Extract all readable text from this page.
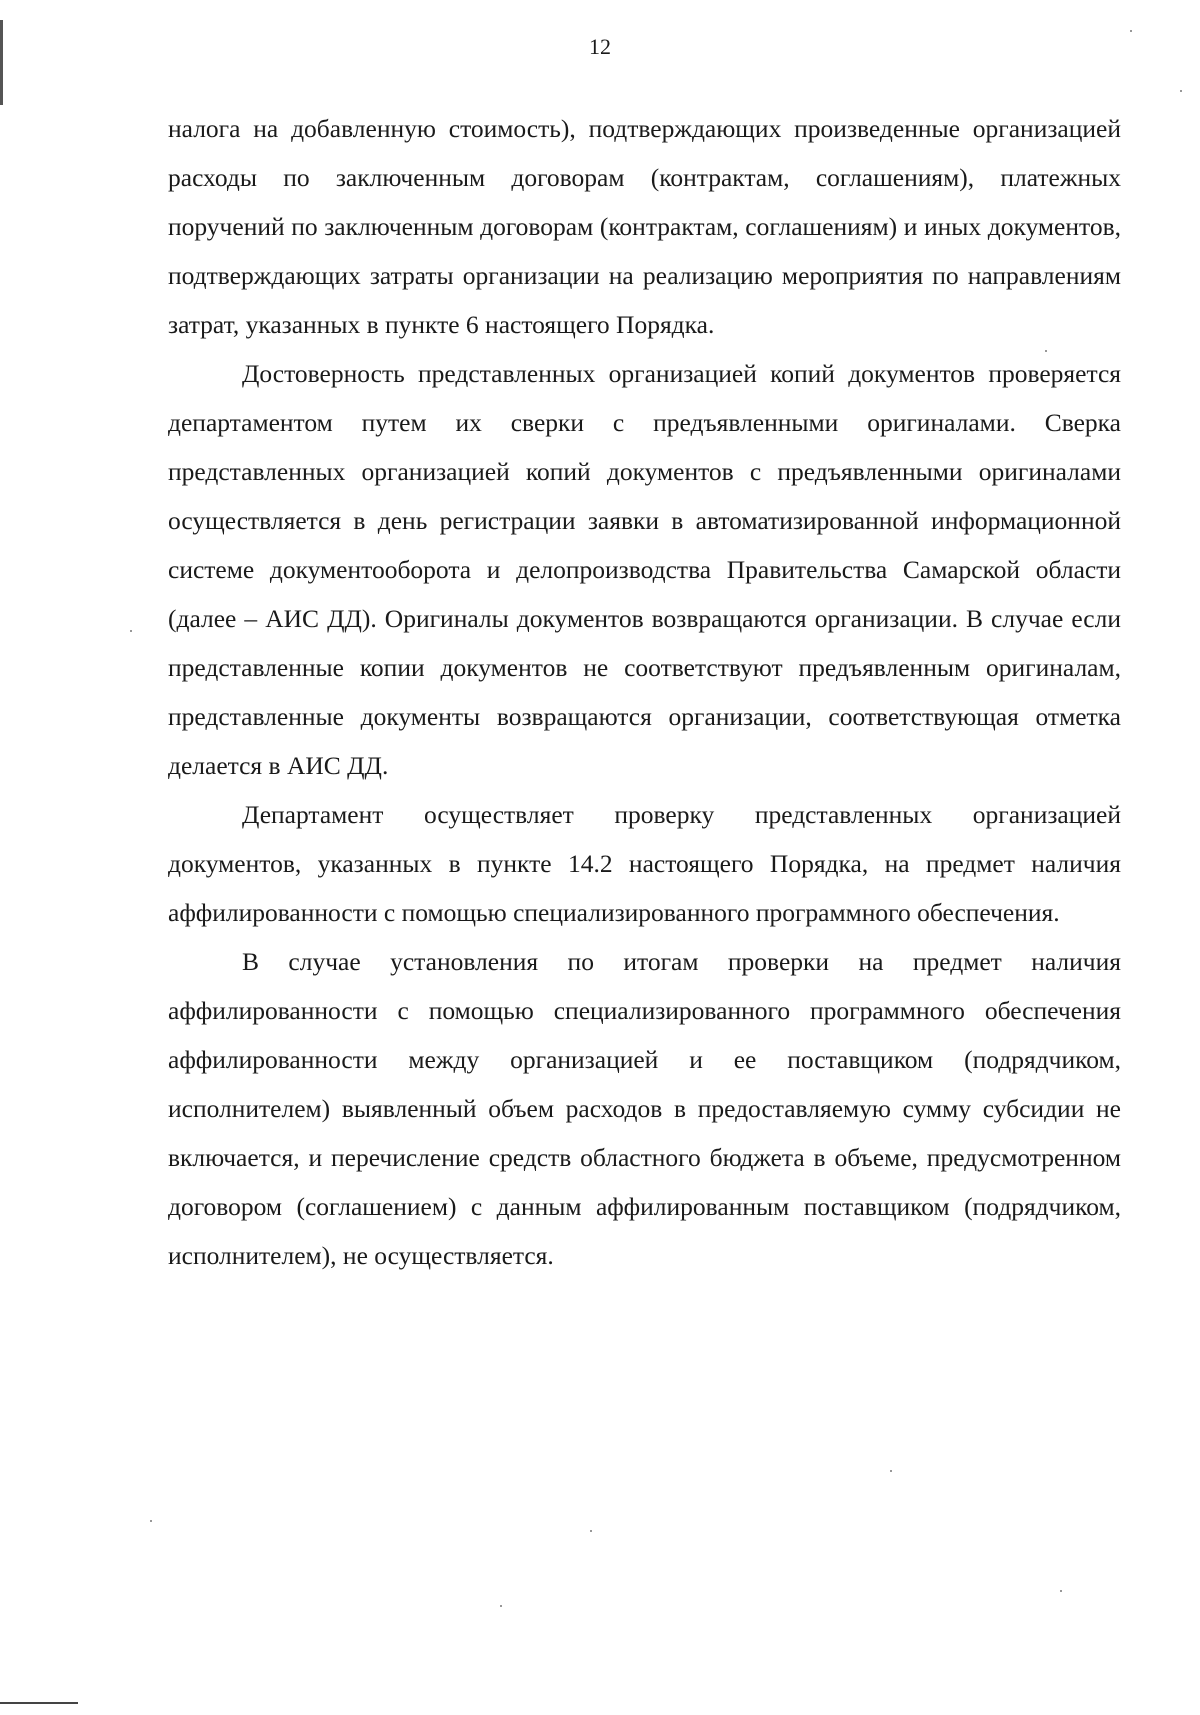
12

налога на добавленную стоимость), подтверждающих произведенные организацией расходы по заключенным договорам (контрактам, соглашениям), платежных поручений по заключенным договорам (контрактам, соглашениям) и иных документов, подтверждающих затраты организации на реализацию мероприятия по направлениям затрат, указанных в пункте 6 настоящего Порядка.

Достоверность представленных организацией копий документов проверяется департаментом путем их сверки с предъявленными оригиналами. Сверка представленных организацией копий документов с предъявленными оригиналами осуществляется в день регистрации заявки в автоматизированной информационной системе документооборота и делопроизводства Правительства Самарской области (далее – АИС ДД). Оригиналы документов возвращаются организации. В случае если представленные копии документов не соответствуют предъявленным оригиналам, представленные документы возвращаются организации, соответствующая отметка делается в АИС ДД.

Департамент осуществляет проверку представленных организацией документов, указанных в пункте 14.2 настоящего Порядка, на предмет наличия аффилированности с помощью специализированного программного обеспечения.

В случае установления по итогам проверки на предмет наличия аффилированности с помощью специализированного программного обеспечения аффилированности между организацией и ее поставщиком (подрядчиком, исполнителем) выявленный объем расходов в предоставляемую сумму субсидии не включается, и перечисление средств областного бюджета в объеме, предусмотренном договором (соглашением) с данным аффилированным поставщиком (подрядчиком, исполнителем), не осуществляется.
